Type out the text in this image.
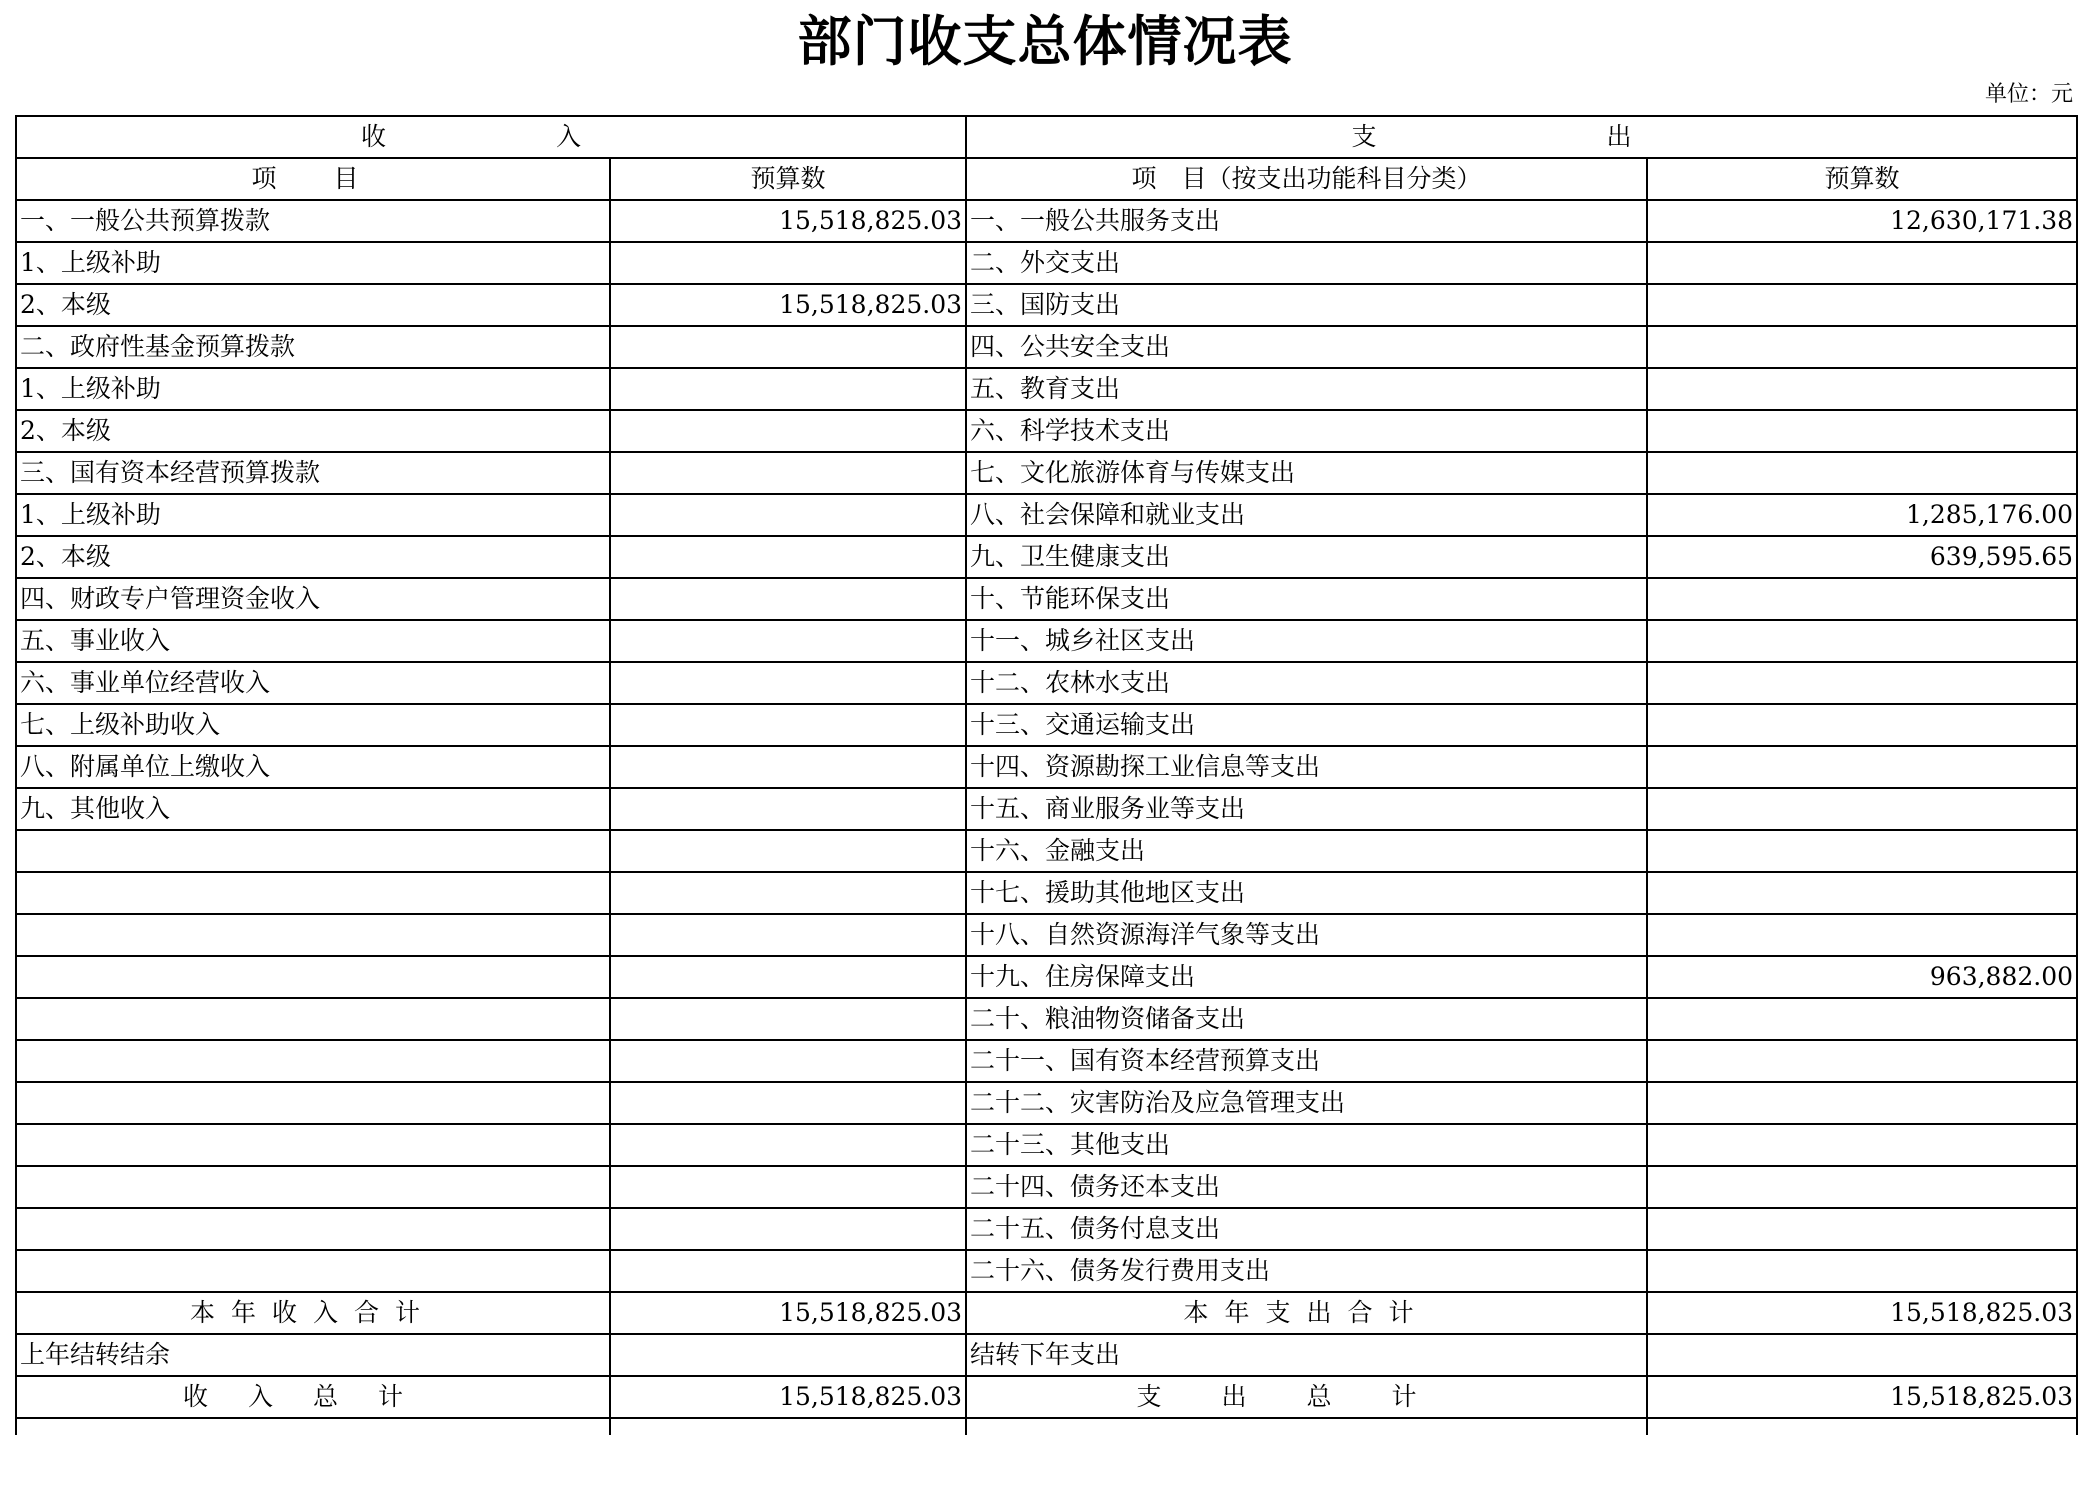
部门收支总体情况表
单位：元
收　　入		支　　出	
项　目	预算数	项　目（按支出功能科目分类）	预算数
一、一般公共预算拨款	15,518,825.03	一、一般公共服务支出	12,630,171.38
1、上级补助		二、外交支出	
2、本级	15,518,825.03	三、国防支出	
二、政府性基金预算拨款		四、公共安全支出	
1、上级补助		五、教育支出	
2、本级		六、科学技术支出	
三、国有资本经营预算拨款		七、文化旅游体育与传媒支出	
1、上级补助		八、社会保障和就业支出	1,285,176.00
2、本级		九、卫生健康支出	639,595.65
四、财政专户管理资金收入		十、节能环保支出	
五、事业收入		十一、城乡社区支出	
六、事业单位经营收入		十二、农林水支出	
七、上级补助收入		十三、交通运输支出	
八、附属单位上缴收入		十四、资源勘探工业信息等支出	
九、其他收入		十五、商业服务业等支出	
		十六、金融支出	
		十七、援助其他地区支出	
		十八、自然资源海洋气象等支出	
		十九、住房保障支出	963,882.00
		二十、粮油物资储备支出	
		二十一、国有资本经营预算支出	
		二十二、灾害防治及应急管理支出	
		二十三、其他支出	
		二十四、债务还本支出	
		二十五、债务付息支出	
		二十六、债务发行费用支出	
本年收入合计	15,518,825.03	本年支出合计	15,518,825.03
上年结转结余		结转下年支出	
收入总计	15,518,825.03	支出总计	15,518,825.03
